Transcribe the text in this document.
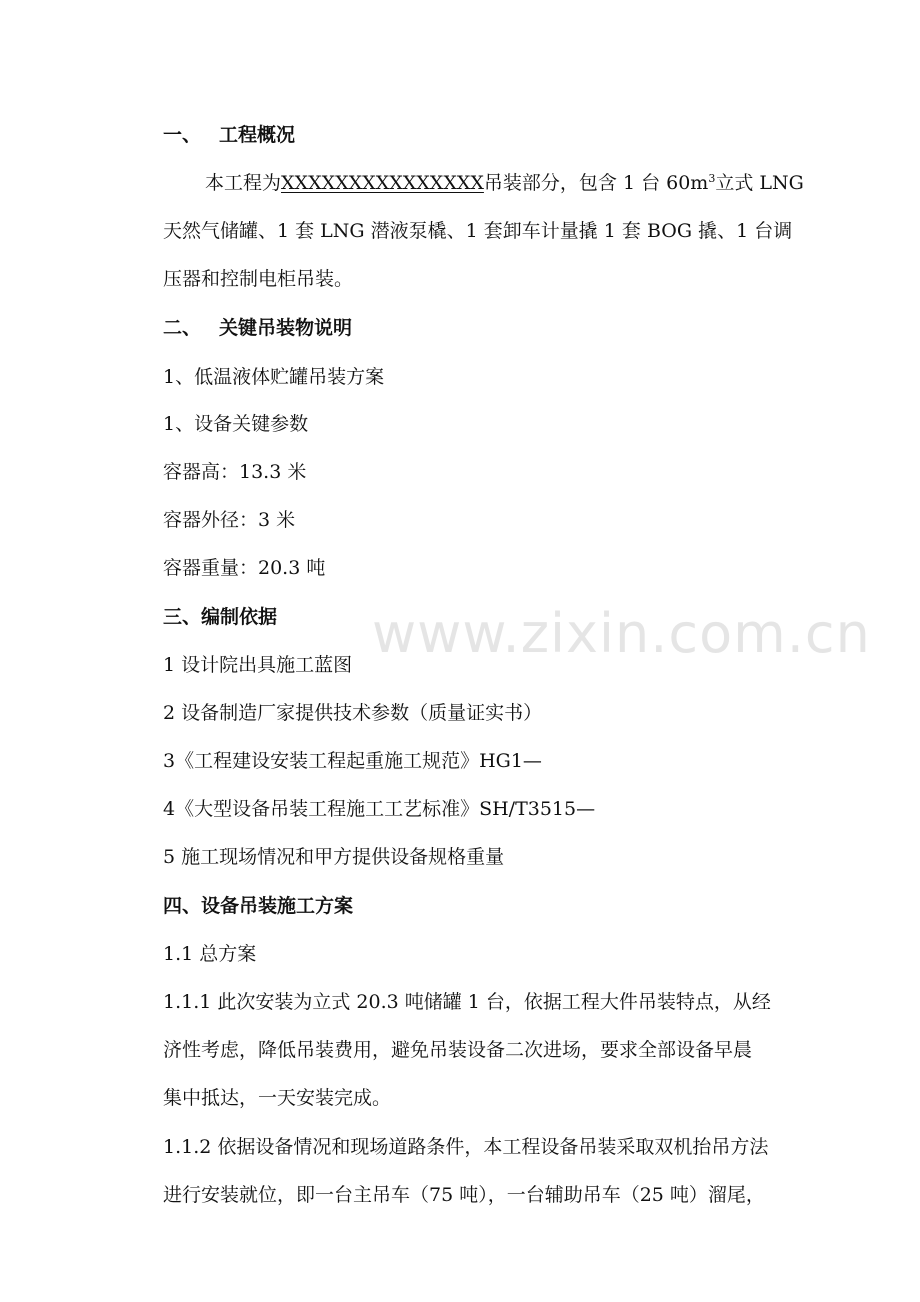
一、 工程概况
本工程为XXXXXXXXXXXXXXX吊装部分，包含 1 台 $60m^3$立式 LNG
天然气储罐、1 套 LNG 潜液泵橇、1 套卸车计量撬 1 套 BOG 撬、1 台调
压器和控制电柜吊装。
二、 关键吊装物说明
1、低温液体贮罐吊装方案
1、设备关键参数
容器高：13.3 米
容器外径：3 米
容器重量：20.3 吨
三、编制依据
1 设计院出具施工蓝图
2 设备制造厂家提供技术参数（质量证实书）
3《工程建设安装工程起重施工规范》HG1—
4《大型设备吊装工程施工工艺标准》SH/T3515—
5 施工现场情况和甲方提供设备规格重量
四、设备吊装施工方案
1.1 总方案
1.1.1 此次安装为立式 20.3 吨储罐 1 台，依据工程大件吊装特点，从经
济性考虑，降低吊装费用，避免吊装设备二次进场，要求全部设备早晨
集中抵达，一天安装完成。
1.1.2 依据设备情况和现场道路条件，本工程设备吊装采取双机抬吊方法
进行安装就位，即一台主吊车（75 吨），一台辅助吊车（25 吨）溜尾，
www.zixin.com.cn
